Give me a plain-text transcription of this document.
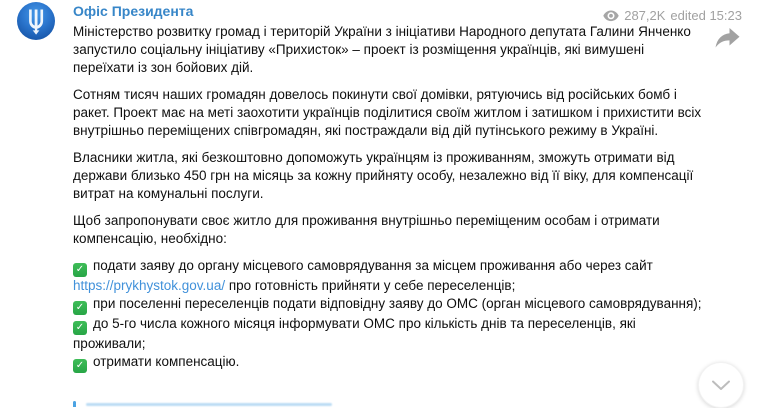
Офіс Президента	287,2K edited 15:23

Міністерство розвитку громад і територій України з ініціативи Народного депутата Галини Янченко запустило соціальну ініціативу «Прихисток» – проект із розміщення українців, які вимушені переїхати із зон бойових дій.

Сотням тисяч наших громадян довелось покинути свої домівки, рятуючись від російських бомб і ракет. Проект має на меті заохотити українців поділитися своїм житлом і затишком і прихистити всіх внутрішньо переміщених співгромадян, які постраждали від дій путінського режиму в Україні.

Власники житла, які безкоштовно допоможуть українцям із проживанням, зможуть отримати від держави близько 450 грн на місяць за кожну прийняту особу, незалежно від її віку, для компенсації витрат на комунальні послуги.

Щоб запропонувати своє житло для проживання внутрішньо переміщеним особам і отримати компенсацію, необхідно:

✓ подати заяву до органу місцевого самоврядування за місцем проживання або через сайт https://prykhystok.gov.ua/ про готовність прийняти у себе переселенців;
✓ при поселенні переселенців подати відповідну заяву до ОМС (орган місцевого самоврядування);
✓ до 5-го числа кожного місяця інформувати ОМС про кількість днів та переселенців, які проживали;
✓ отримати компенсацію.
